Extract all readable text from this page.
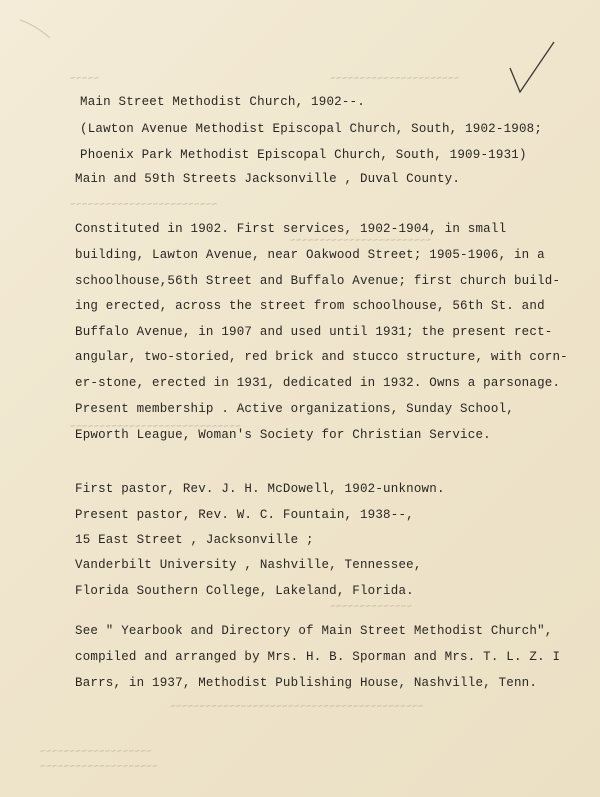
~~~~~	~~~~~~~~~~~~~~~~~~~~~~
~~~~~~~~~~~~~~~~~~~~~~~~~
~~~~~~~~~~~~~~~~~~~~~~~~
~~~~~~~~~~~~~~~~~~~~~~~~~~~~~
~~~~~~~~~~~~~~
~~~~~~~~~~~~~~~~~~~~~~~~~~~~~~~~~~~~~~~~~~~
~~~~~~~~~~~~~~~~~~~
~~~~~~~~~~~~~~~~~~~~
Main Street Methodist Church, 1902--.
(Lawton Avenue Methodist Episcopal Church, South, 1902-1908;
Phoenix Park Methodist Episcopal Church, South, 1909-1931)
Main and 59th Streets Jacksonville , Duval County.
Constituted in 1902. First services, 1902-1904, in small
building, Lawton Avenue, near Oakwood Street; 1905-1906, in a
schoolhouse,56th Street and Buffalo Avenue; first church build-
ing erected, across the street from schoolhouse, 56th St. and
Buffalo Avenue, in 1907 and used until 1931; the present rect-
angular, two-storied, red brick and stucco structure, with corn-
er-stone, erected in 1931, dedicated in 1932. Owns a parsonage.
Present membership . Active organizations, Sunday School,
Epworth League, Woman's Society for Christian Service.
First pastor, Rev. J. H. McDowell, 1902-unknown.
Present pastor, Rev. W. C. Fountain, 1938--,
15 East Street , Jacksonville ;
Vanderbilt University , Nashville, Tennessee,
Florida Southern College, Lakeland, Florida.
See " Yearbook and Directory of Main Street Methodist Church",
compiled and arranged by Mrs. H. B. Sporman and Mrs. T. L. Z. I
Barrs, in 1937, Methodist Publishing House, Nashville, Tenn.
